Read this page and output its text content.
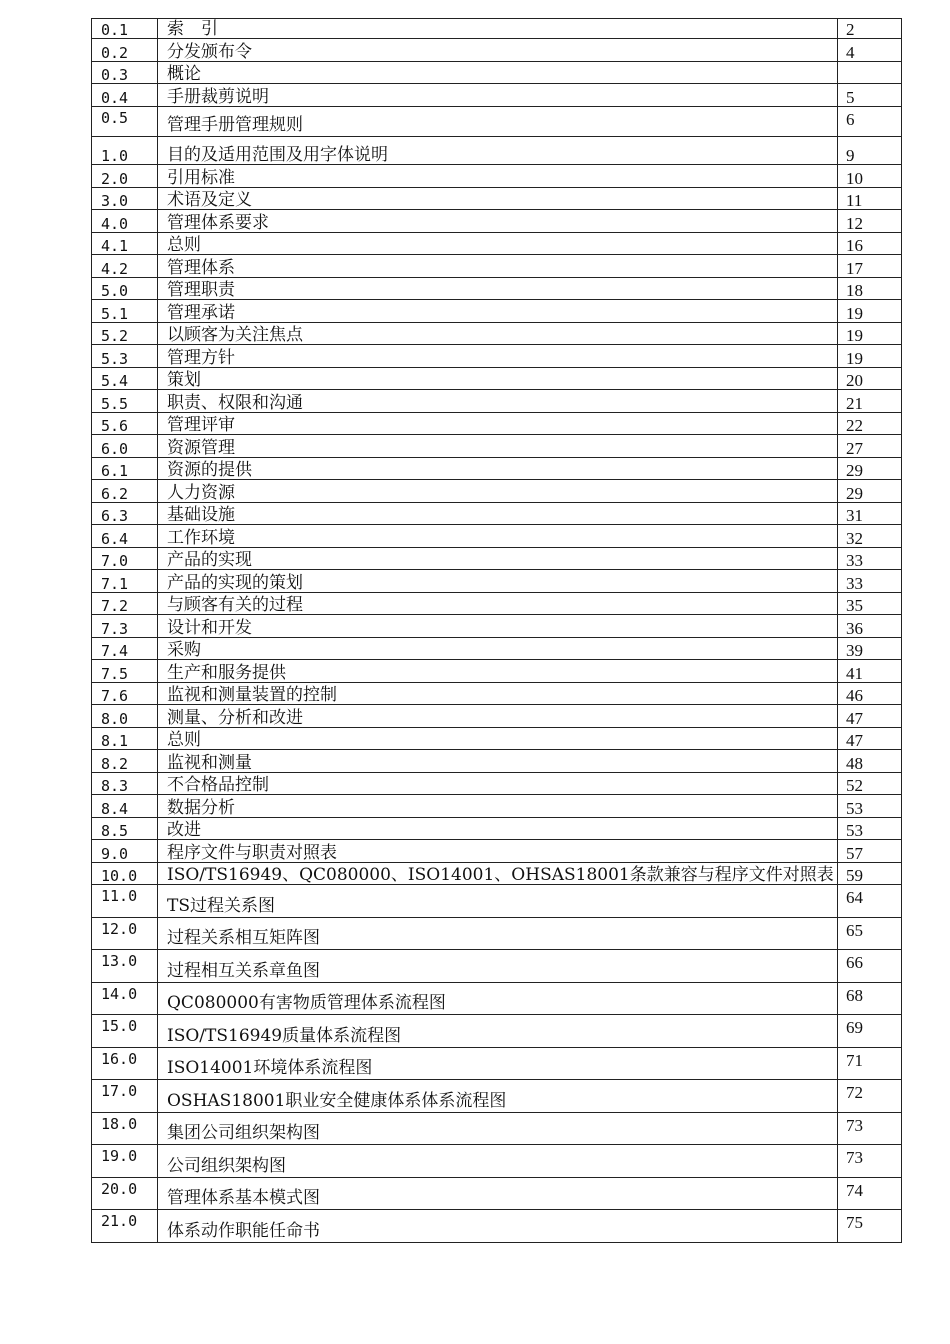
0.1	索　引	2
0.2	分发颁布令	4
0.3	概论	
0.4	手册裁剪说明	5
0.5	管理手册管理规则	6
1.0	目的及适用范围及用字体说明	9
2.0	引用标准	10
3.0	术语及定义	11
4.0	管理体系要求	12
4.1	总则	16
4.2	管理体系	17
5.0	管理职责	18
5.1	管理承诺	19
5.2	以顾客为关注焦点	19
5.3	管理方针	19
5.4	策划	20
5.5	职责、权限和沟通	21
5.6	管理评审	22
6.0	资源管理	27
6.1	资源的提供	29
6.2	人力资源	29
6.3	基础设施	31
6.4	工作环境	32
7.0	产品的实现	33
7.1	产品的实现的策划	33
7.2	与顾客有关的过程	35
7.3	设计和开发	36
7.4	采购	39
7.5	生产和服务提供	41
7.6	监视和测量装置的控制	46
8.0	测量、分析和改进	47
8.1	总则	47
8.2	监视和测量	48
8.3	不合格品控制	52
8.4	数据分析	53
8.5	改进	53
9.0	程序文件与职责对照表	57
10.0	ISO/TS16949、QC080000、ISO14001、OHSAS18001条款兼容与程序文件对照表	59
11.0	TS过程关系图	64
12.0	过程关系相互矩阵图	65
13.0	过程相互关系章鱼图	66
14.0	QC080000有害物质管理体系流程图	68
15.0	ISO/TS16949质量体系流程图	69
16.0	ISO14001环境体系流程图	71
17.0	OSHAS18001职业安全健康体系体系流程图	72
18.0	集团公司组织架构图	73
19.0	公司组织架构图	73
20.0	管理体系基本模式图	74
21.0	体系动作职能任命书	75
